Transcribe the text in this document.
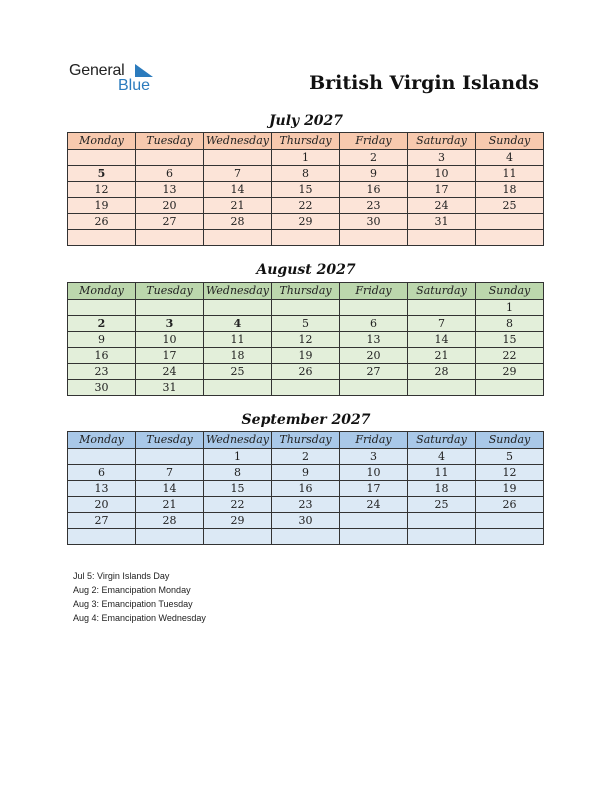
General
Blue	British Virgin Islands
July 2027
Monday	Tuesday	Wednesday	Thursday	Friday	Saturday	Sunday
			1	2	3	4
5	6	7	8	9	10	11
12	13	14	15	16	17	18
19	20	21	22	23	24	25
26	27	28	29	30	31	

August 2027
Monday	Tuesday	Wednesday	Thursday	Friday	Saturday	Sunday
						1
2	3	4	5	6	7	8
9	10	11	12	13	14	15
16	17	18	19	20	21	22
23	24	25	26	27	28	29
30	31					
September 2027
Monday	Tuesday	Wednesday	Thursday	Friday	Saturday	Sunday
		1	2	3	4	5
6	7	8	9	10	11	12
13	14	15	16	17	18	19
20	21	22	23	24	25	26
27	28	29	30			

Jul 5: Virgin Islands Day
Aug 2: Emancipation Monday
Aug 3: Emancipation Tuesday
Aug 4: Emancipation Wednesday
